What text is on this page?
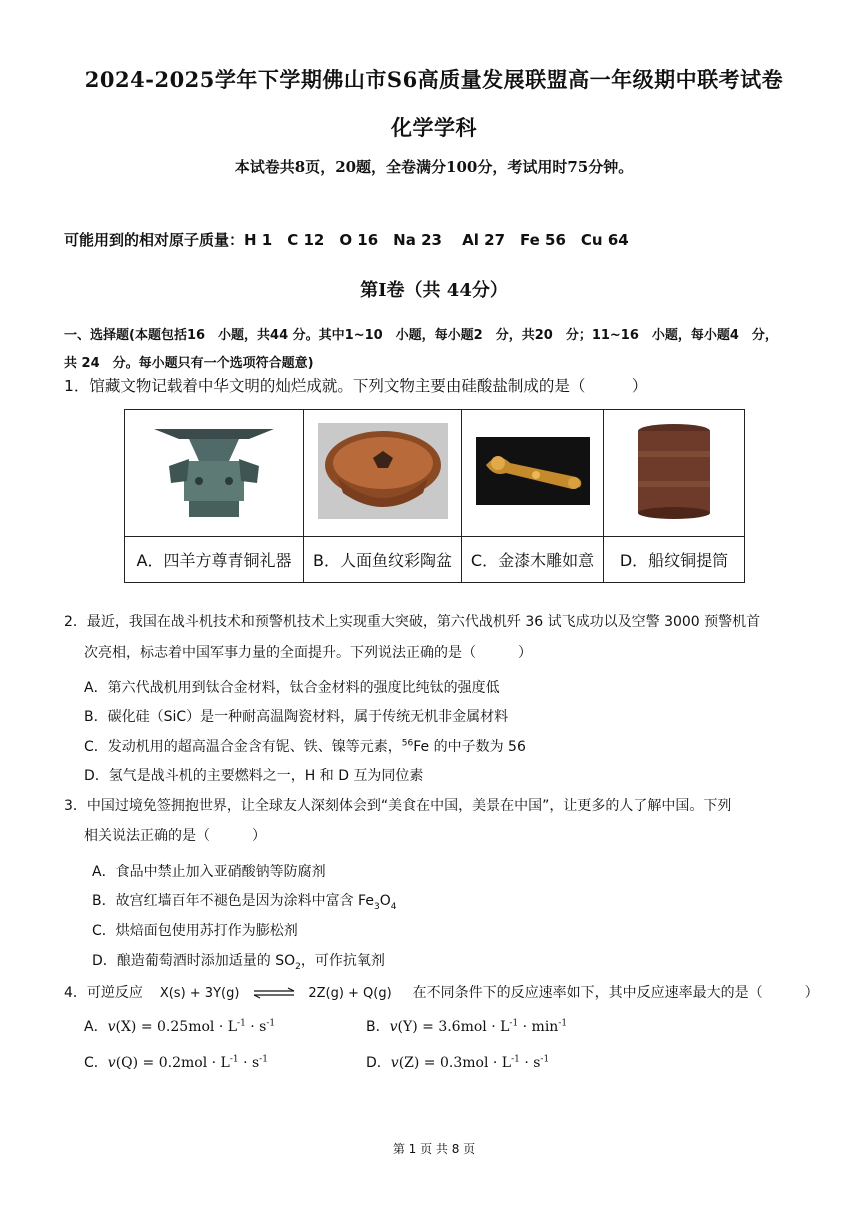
2024-2025学年下学期佛山市S6高质量发展联盟高一年级期中联考试卷
化学学科
本试卷共8页，20题，全卷满分100分，考试用时75分钟。
可能用到的相对原子质量：H 1　C 12　O 16　Na 23　 Al 27　Fe 56　Cu 64
第Ⅰ卷（共 44分）
一、选择题(本题包括16　小题，共44 分。其中1~10　小题，每小题2　分，共20　分；11~16　小题，每小题4　分，
共 24　分。每小题只有一个选项符合题意)
1．馆藏文物记载着中华文明的灿烂成就。下列文物主要由硅酸盐制成的是（　　　）

A．四羊方尊青铜礼器	B．人面鱼纹彩陶盆	C．金漆木雕如意	D．船纹铜提筒
2．最近，我国在战斗机技术和预警机技术上实现重大突破，第六代战机歼 36 试飞成功以及空警 3000 预警机首
次亮相，标志着中国军事力量的全面提升。下列说法正确的是（　　　）
A．第六代战机用到钛合金材料，钛合金材料的强度比纯钛的强度低
B．碳化硅（SiC）是一种耐高温陶瓷材料，属于传统无机非金属材料
C．发动机用的超高温合金含有铌、铁、镍等元素，$^{56}$Fe 的中子数为 56
D．氢气是战斗机的主要燃料之一，H 和 D 互为同位素
3．中国过境免签拥抱世界，让全球友人深刻体会到“美食在中国，美景在中国”，让更多的人了解中国。下列
相关说法正确的是（　　　）
A．食品中禁止加入亚硝酸钠等防腐剂
B．故宫红墙百年不褪色是因为涂料中富含 $Fe_3O_4$
C．烘焙面包使用苏打作为膨松剂
D．酿造葡萄酒时添加适量的 $SO_2$，可作抗氧剂
4．可逆反应 X(s) + 3Y(g) ⇌ 2Z(g) + Q(g) 在不同条件下的反应速率如下，其中反应速率最大的是（　　　）
A．$v(X) = 0.25mol \cdot L^{-1} \cdot s^{-1}$	B．$v(Y) = 3.6mol \cdot L^{-1} \cdot \min^{-1}$
C．$v(Q) = 0.2mol \cdot L^{-1} \cdot s^{-1}$	D．$v(Z) = 0.3mol \cdot L^{-1} \cdot s^{-1}$
第 1 页 共 8 页
